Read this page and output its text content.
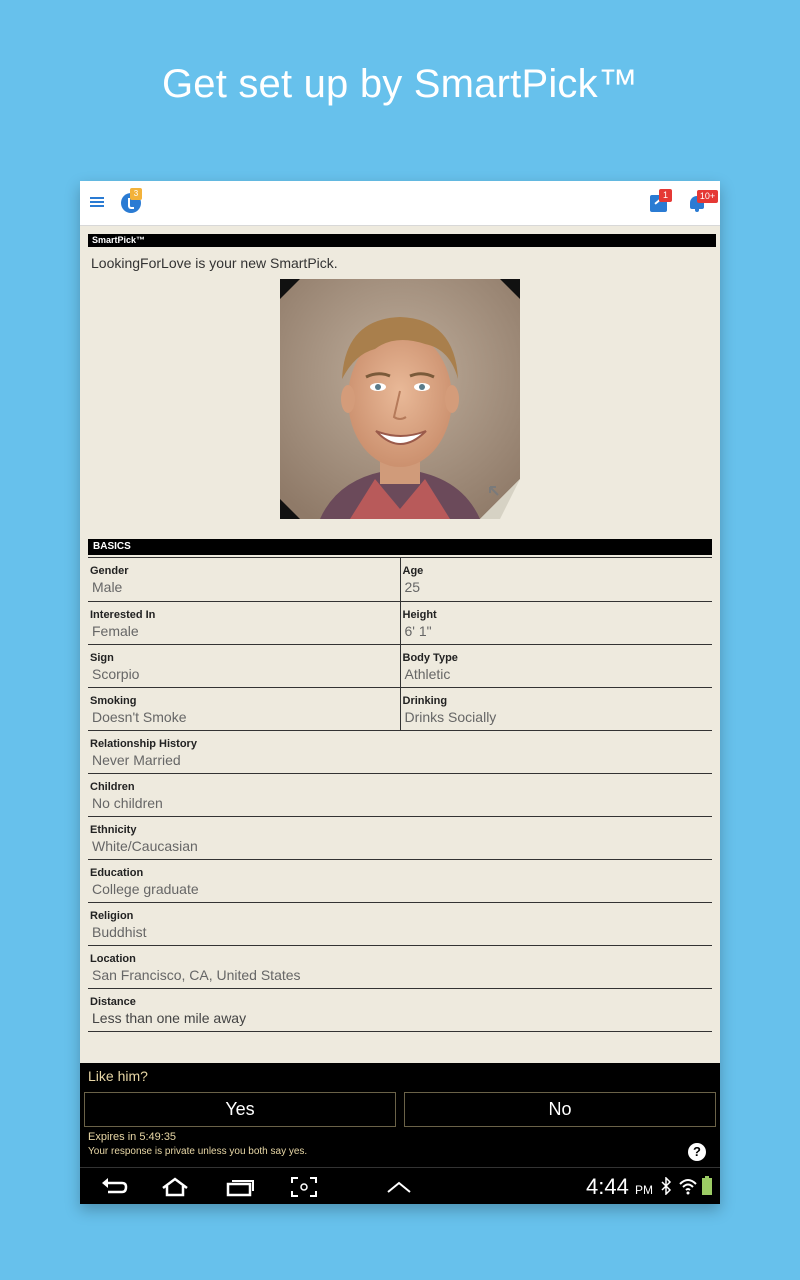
Get set up by SmartPick™
3	1	10+
SmartPick™
LookingForLove is your new SmartPick.
BASICS
Gender
Male
Age
25
Interested In
Female
Height
6' 1"
Sign
Scorpio
Body Type
Athletic
Smoking
Doesn't Smoke
Drinking
Drinks Socially
Relationship History
Never Married
Children
No children
Ethnicity
White/Caucasian
Education
College graduate
Religion
Buddhist
Location
San Francisco, CA, United States
Distance
Less than one mile away
Like him?
Yes	No
Expires in 5:49:35
Your response is private unless you both say yes.	?
4:44 PM
